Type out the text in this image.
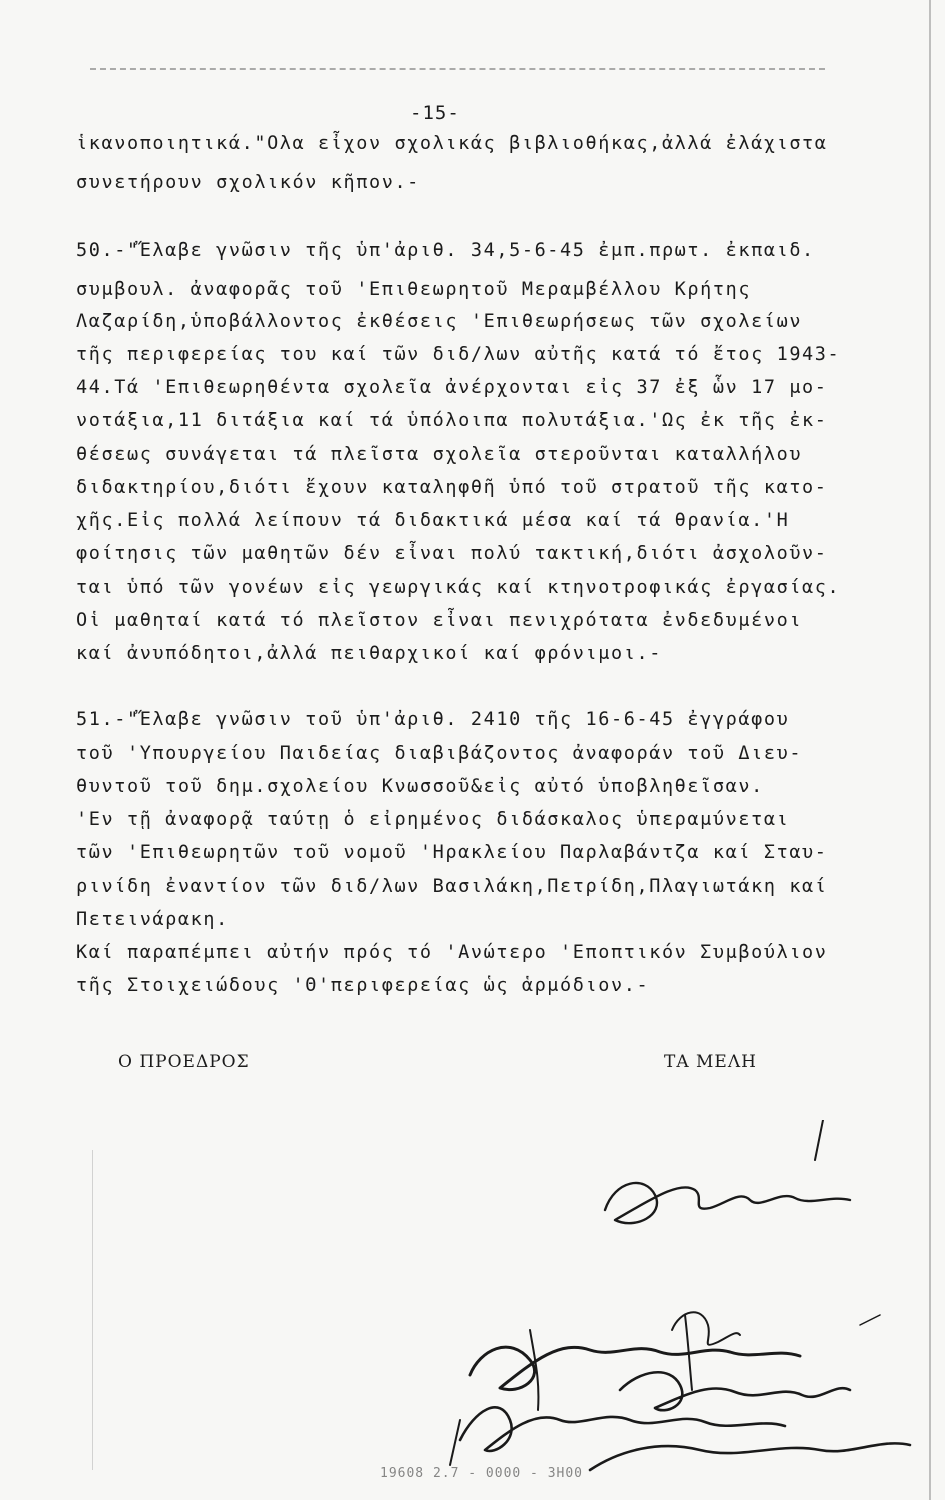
-15-
ἱκανοποιητικά."Ολα εἶχον σχολικάς βιβλιοθήκας,ἀλλά ἐλάχιστα
συνετήρουν σχολικόν κῆπον.-
50.-"Ἔλαβε γνῶσιν τῆς ὑπ'ἀριθ. 34,5-6-45 ἐμπ.πρωτ. ἐκπαιδ.
συμβουλ. ἀναφορᾶς τοῦ 'Επιθεωρητοῦ Μεραμβέλλου Κρήτης
Λαζαρίδη,ὑποβάλλοντος ἐκθέσεις 'Επιθεωρήσεως τῶν σχολείων
τῆς περιφερείας του καί τῶν διδ/λων αὐτῆς κατά τό ἔτος 1943-
44.Τά 'Επιθεωρηθέντα σχολεῖα ἀνέρχονται εἰς 37 ἐξ ὧν 17 μο-
νοτάξια,11 διτάξια καί τά ὑπόλοιπα πολυτάξια.'Ως ἐκ τῆς ἐκ-
θέσεως συνάγεται τά πλεῖστα σχολεῖα στεροῦνται καταλλήλου
διδακτηρίου,διότι ἔχουν καταληφθῆ ὑπό τοῦ στρατοῦ τῆς κατο-
χῆς.Εἰς πολλά λείπουν τά διδακτικά μέσα καί τά θρανία.'Η
φοίτησις τῶν μαθητῶν δέν εἶναι πολύ τακτική,διότι ἀσχολοῦν-
ται ὑπό τῶν γονέων εἰς γεωργικάς καί κτηνοτροφικάς ἐργασίας.
Οἱ μαθηταί κατά τό πλεῖστον εἶναι πενιχρότατα ἐνδεδυμένοι
καί ἀνυπόδητοι,ἀλλά πειθαρχικοί καί φρόνιμοι.-
51.-"Ἔλαβε γνῶσιν τοῦ ὑπ'ἀριθ. 2410 τῆς 16-6-45 ἐγγράφου
τοῦ 'Υπουργείου Παιδείας διαβιβάζοντος ἀναφοράν τοῦ Διευ-
θυντοῦ τοῦ δημ.σχολείου Κνωσσοῦ&εἰς αὐτό ὑποβληθεῖσαν.
'Εν τῇ ἀναφορᾷ ταύτῃ ὁ εἰρημένος διδάσκαλος ὑπεραμύνεται
τῶν 'Επιθεωρητῶν τοῦ νομοῦ 'Ηρακλείου Παρλαβάντζα καί Σταυ-
ρινίδη ἐναντίον τῶν διδ/λων Βασιλάκη,Πετρίδη,Πλαγιωτάκη καί
Πετεινάρακη.
Καί παραπέμπει αὐτήν πρός τό 'Ανώτερο 'Εποπτικόν Συμβούλιον
τῆς Στοιχειώδους 'Θ'περιφερείας ὡς ἁρμόδιον.-
Ο ΠΡΟΕΔΡΟΣ	ΤΑ ΜΕΛΗ
19608 2.7 - 0000 - 3H00
